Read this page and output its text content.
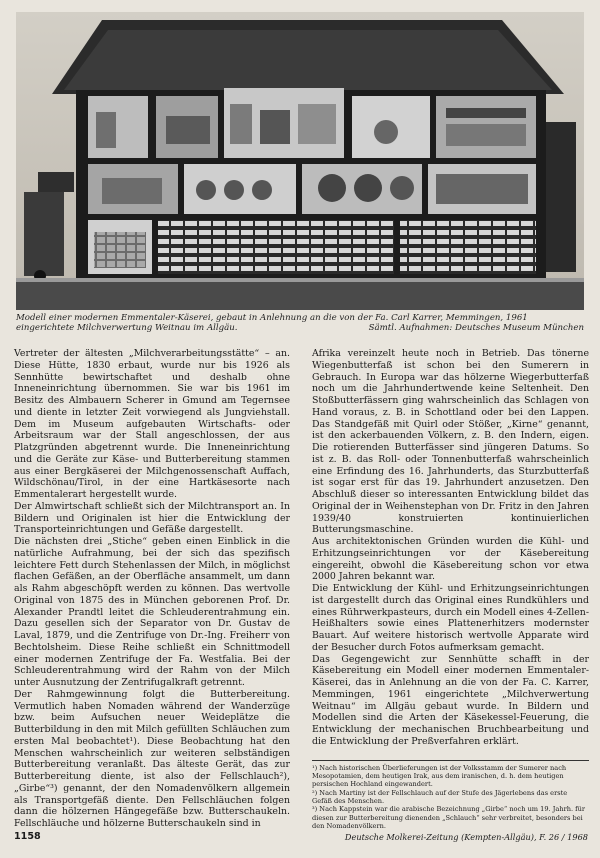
Modell einer modernen Emmentaler-Käserei, gebaut in Anlehnung an die von der Fa. Carl Karrer, Memmingen, 1961 eingerichtete Milchverwertung Weitnau im Allgäu.	Sämtl. Aufnahmen: Deutsches Museum München

Vertreter der ältesten „Milchverarbeitungsstätte“ – an. Diese Hütte, 1830 erbaut, wurde nur bis 1926 als Sennhütte bewirtschaftet und deshalb ohne Inneneinrichtung übernommen. Sie war bis 1961 im Besitz des Almbauern Scherer in Gmund am Tegernsee und diente in letzter Zeit vorwiegend als Jungviehstall. Dem im Museum aufgebauten Wirtschafts- oder Arbeitsraum war der Stall angeschlossen, der aus Platzgründen abgetrennt wurde. Die Inneneinrichtung und die Geräte zur Käse- und Butterbereitung stammen aus einer Bergkäserei der Milchgenossenschaft Auffach, Wildschönau/Tirol, in der eine Hartkäsesorte nach Emmentalerart hergestellt wurde.

Der Almwirtschaft schließt sich der Milchtransport an. In Bildern und Originalen ist hier die Entwicklung der Transporteinrichtungen und Gefäße dargestellt.

Die nächsten drei „Stiche“ geben einen Einblick in die natürliche Aufrahmung, bei der sich das spezifisch leichtere Fett durch Stehenlassen der Milch, in möglichst flachen Gefäßen, an der Oberfläche ansammelt, um dann als Rahm abgeschöpft werden zu können. Das wertvolle Original von 1875 des in München geborenen Prof. Dr. Alexander Prandtl leitet die Schleuderentrahmung ein. Dazu gesellen sich der Separator von Dr. Gustav de Laval, 1879, und die Zentrifuge von Dr.-Ing. Freiherr von Bechtolsheim. Diese Reihe schließt ein Schnittmodell einer modernen Zentrifuge der Fa. Westfalia. Bei der Schleuderentrahmung wird der Rahm von der Milch unter Ausnutzung der Zentrifugalkraft getrennt.

Der Rahmgewinnung folgt die Butterbereitung. Vermutlich haben Nomaden während der Wanderzüge bzw. beim Aufsuchen neuer Weideplätze die Butterbildung in den mit Milch gefüllten Schläuchen zum ersten Mal beobachtet¹). Diese Beobachtung hat den Menschen wahrscheinlich zur weiteren selbständigen Butterbereitung veranlaßt. Das älteste Gerät, das zur Butterbereitung diente, ist also der Fellschlauch²), „Girbe“³) genannt, der den Nomadenvölkern allgemein als Transportgefäß diente. Den Fellschläuchen folgen dann die hölzernen Hängegefäße bzw. Butterschaukeln. Fellschläuche und hölzerne Butterschaukeln sind in

Afrika vereinzelt heute noch in Betrieb. Das tönerne Wiegenbutterfaß ist schon bei den Sumerern in Gebrauch. In Europa war das hölzerne Wiegerbutterfaß noch um die Jahrhundertwende keine Seltenheit. Den Stoßbutterfässern ging wahrscheinlich das Schlagen von Hand voraus, z. B. in Schottland oder bei den Lappen. Das Standgefäß mit Quirl oder Stößer, „Kirne“ genannt, ist den ackerbauenden Völkern, z. B. den Indern, eigen. Die rotierenden Butterfässer sind jüngeren Datums. So ist z. B. das Roll- oder Tonnenbutterfaß wahrscheinlich eine Erfindung des 16. Jahrhunderts, das Sturzbutterfaß ist sogar erst für das 19. Jahrhundert anzusetzen. Den Abschluß dieser so interessanten Entwicklung bildet das Original der in Weihenstephan von Dr. Fritz in den Jahren 1939/40 konstruierten kontinuierlichen Butterungsmaschine.

Aus architektonischen Gründen wurden die Kühl- und Erhitzungseinrichtungen vor der Käsebereitung eingereiht, obwohl die Käsebereitung schon vor etwa 2000 Jahren bekannt war.

Die Entwicklung der Kühl- und Erhitzungseinrichtungen ist dargestellt durch das Original eines Rundkühlers und eines Rührwerkpasteurs, durch ein Modell eines 4-Zellen-Heißhalters sowie eines Plattenerhitzers modernster Bauart. Auf weitere historisch wertvolle Apparate wird der Besucher durch Fotos aufmerksam gemacht.

Das Gegengewicht zur Sennhütte schafft in der Käsebereitung ein Modell einer modernen Emmentaler-Käserei, das in Anlehnung an die von der Fa. C. Karrer, Memmingen, 1961 eingerichtete „Milchverwertung Weitnau“ im Allgäu gebaut wurde. In Bildern und Modellen sind die Arten der Käsekessel-Feuerung, die Entwicklung der mechanischen Bruchbearbeitung und die Entwicklung der Preßverfahren erklärt.

¹) Nach historischen Überlieferungen ist der Volksstamm der Sumerer nach Mesopotamien, dem heutigen Irak, aus dem iranischen, d. h. dem heutigen persischen Hochland eingewandert.

²) Nach Martiny ist der Fellschlauch auf der Stufe des Jägerlebens das erste Gefäß des Menschen.

³) Nach Kappstein war die arabische Bezeichnung „Girbe“ noch um 19. Jahrh. für diesen zur Butterbereitung dienenden „Schlauch“ sehr verbreitet, besonders bei den Nomadenvölkern.

1158	Deutsche Molkerei-Zeitung (Kempten-Allgäu), F. 26 / 1968
